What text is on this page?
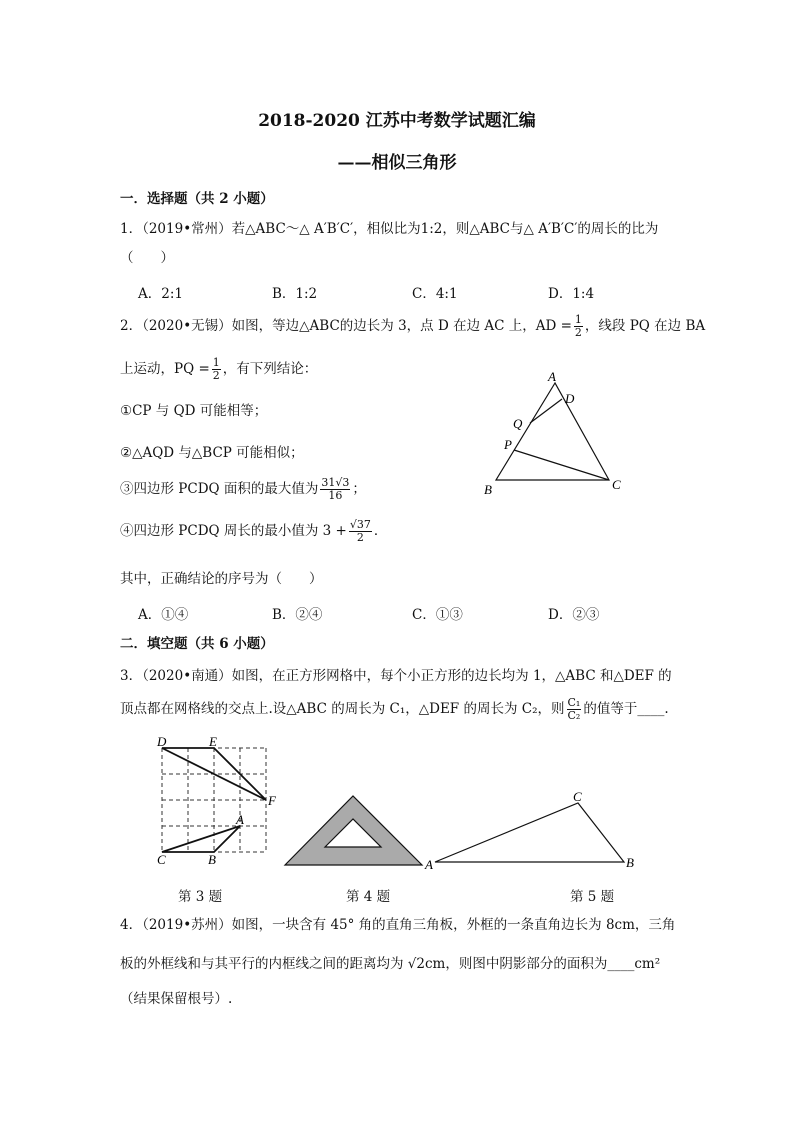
2018-2020 江苏中考数学试题汇编
——相似三角形
一．选择题（共 2 小题）
1．（2019•常州）若△ABC～△ A′B′C′，相似比为1:2，则△ABC与△ A′B′C′的周长的比为
（　　）
A．2:1	B．1:2	C．4:1	D．1:4
2．（2020•无锡）如图，等边△ABC的边长为 3，点 D 在边 AC 上，AD = $\frac{1}{2}$ ，线段 PQ 在边 BA
上运动，PQ = $\frac{1}{2}$ ，有下列结论：
①CP 与 QD 可能相等；
②△AQD 与△BCP 可能相似；
③四边形 PCDQ 面积的最大值为 $\frac{31√3}{16}$ ；
④四边形 PCDQ 周长的最小值为 $3 + \frac{√37}{2}$ ．
其中，正确结论的序号为（　　）
A．①④	B．②④	C．①③	D．②③
A
D
Q
P
B	C
二．填空题（共 6 小题）
3．（2020•南通）如图，在正方形网格中，每个小正方形的边长均为 1，△ABC 和△DEF 的
顶点都在网格线的交点上.设△ABC 的周长为 C₁，△DEF 的周长为 C₂，则 $\frac{\text{C₁}}{\text{C₂}}$ 的值等于____.
D	E
F
A
B
C	A
C
B
第 3 题	第 4 题	第 5 题
4．（2019•苏州）如图，一块含有 45° 角的直角三角板，外框的一条直角边长为 8cm，三角
板的外框线和与其平行的内框线之间的距离均为 √2cm，则图中阴影部分的面积为____cm²
（结果保留根号）.
